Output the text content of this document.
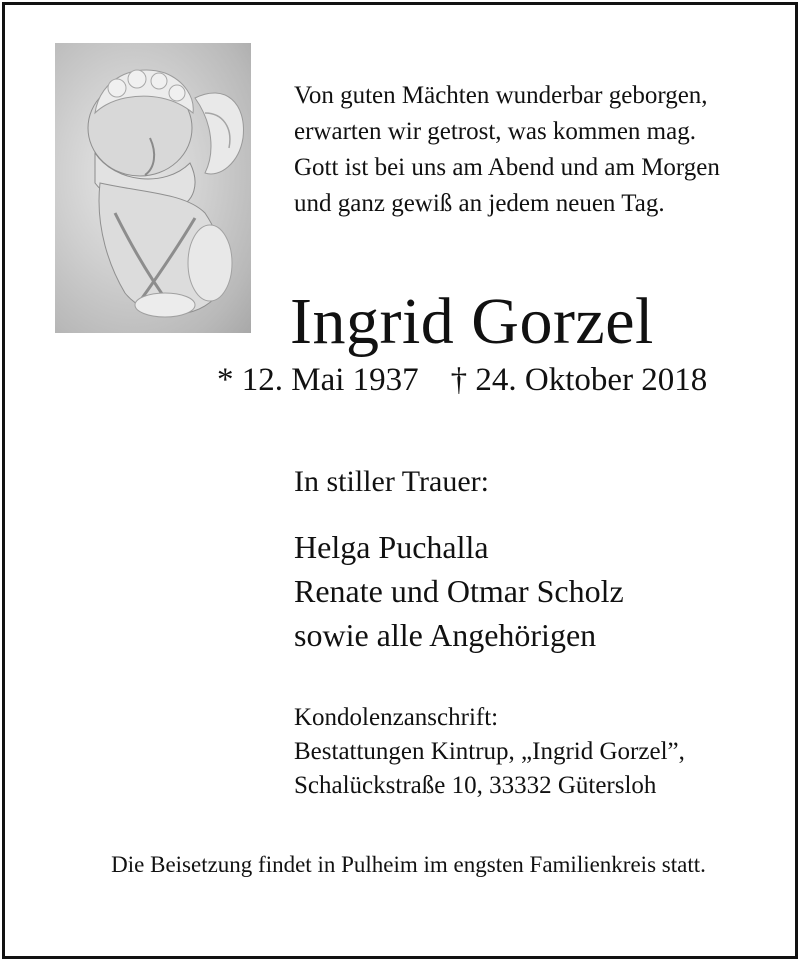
Von guten Mächten wunderbar geborgen,
erwarten wir getrost, was kommen mag.
Gott ist bei uns am Abend und am Morgen
und ganz gewiß an jedem neuen Tag.
Ingrid Gorzel
* 12. Mai 1937 † 24. Oktober 2018
In stiller Trauer:
Helga Puchalla
Renate und Otmar Scholz
sowie alle Angehörigen
Kondolenzanschrift:
Bestattungen Kintrup, „Ingrid Gorzel”,
Schalückstraße 10, 33332 Gütersloh
Die Beisetzung findet in Pulheim im engsten Familienkreis statt.
